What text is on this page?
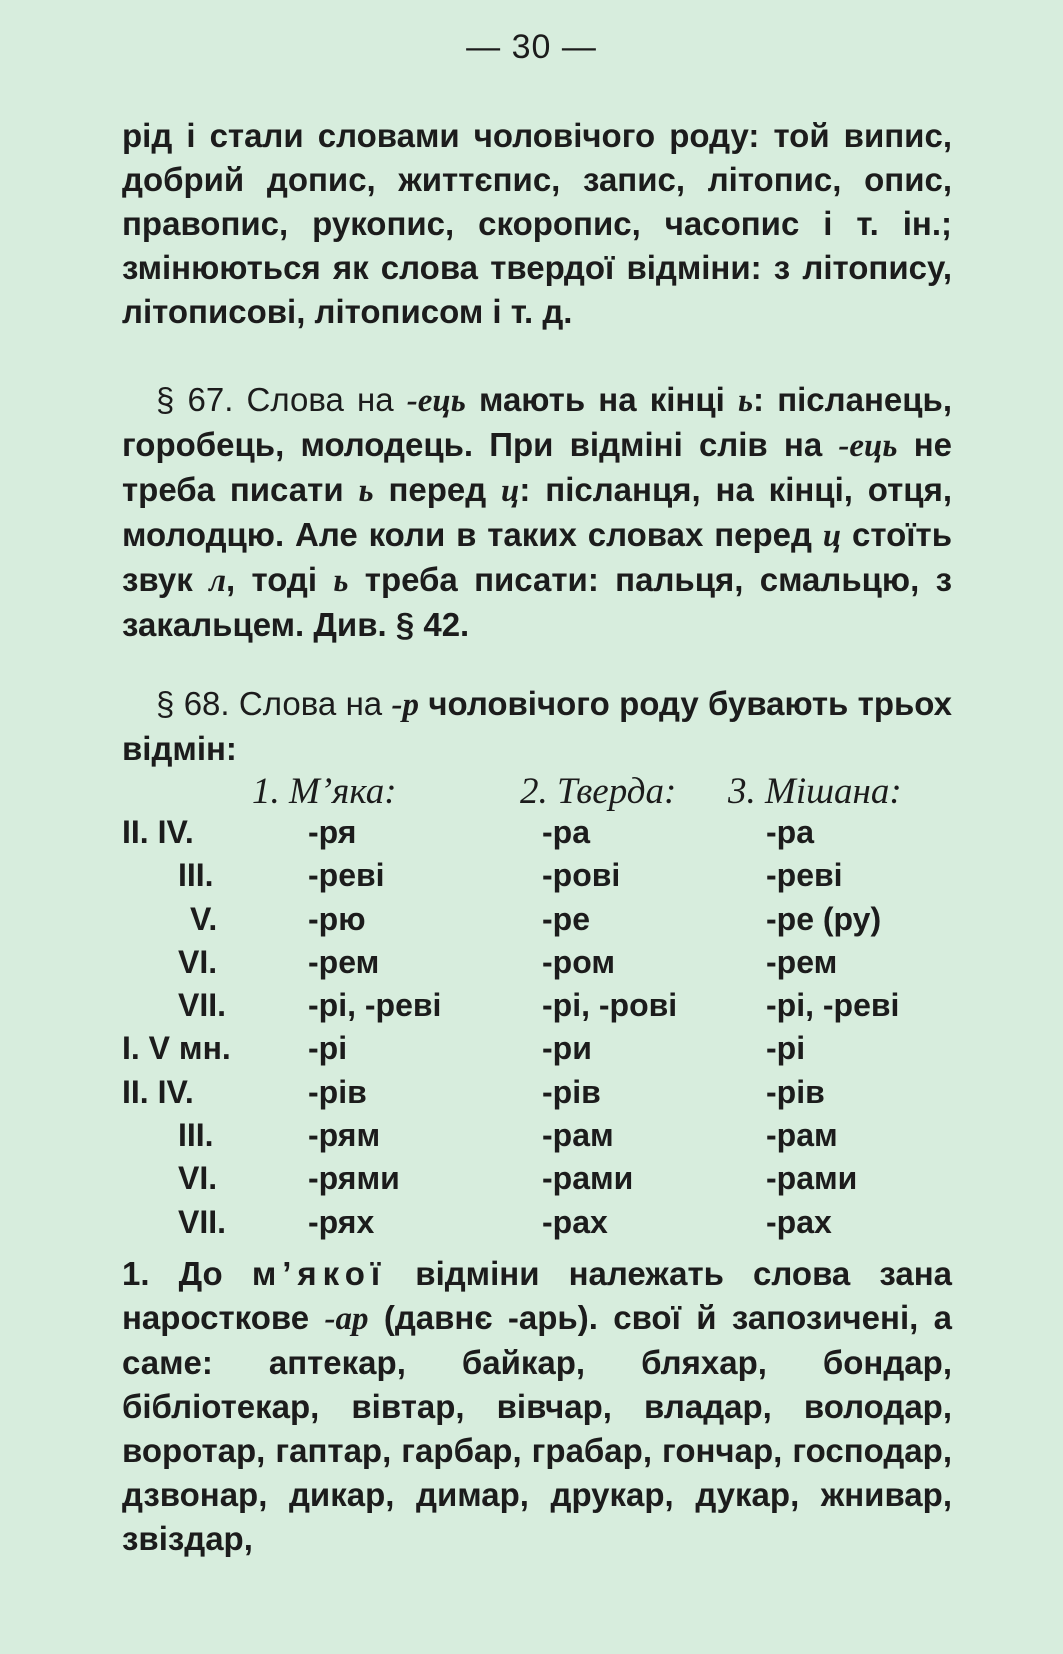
— 30 —

рід і стали словами чоловічого роду: той випис, добрий допис, життєпис, запис, літопис, опис, правопис, рукопис, скоропис, часопис і т. ін.; змінюються як слова твердої відміни: з літопису, літописові, літописом і т. д.

§ 67. Слова на -ець мають на кінці ь: післанець, горобець, молодець. При відміні слів на -ець не треба писати ь перед ц: післанця, на кінці, отця, молодцю. Але коли в таких словах перед ц стоїть звук л, тоді ь треба писати: пальця, смальцю, з закальцем. Див. § 42.

§ 68. Слова на -р чоловічого роду бувають трьох відмін:

1. М’яка:	2. Тверда: 3. Мішана:
II. IV.	-ря	-ра	-ра
III.	-реві	-рові	-реві
V.	-рю	-ре	-ре (ру)
VI.	-рем	-ром	-рем
VII.	-рі, -реві	-рі, -рові	-рі, -реві
I. V мн. -рі	-ри	-рі
II. IV.	-рів	-рів	-рів
III.	-рям	-рам	-рам
VI.	-рями	-рами	-рами
VII.	-рях	-рах	-рах

1. До м’якої відміни належать слова зана наросткове -ар (давнє -арь). свої й запозичені, а саме: аптекар, байкар, бляхар, бондар, бібліотекар, вівтар, вівчар, владар, володар, воротар, гаптар, гарбар, грабар, гончар, господар, дзвонар, дикар, димар, друкар, дукар, жнивар, звіздар,
